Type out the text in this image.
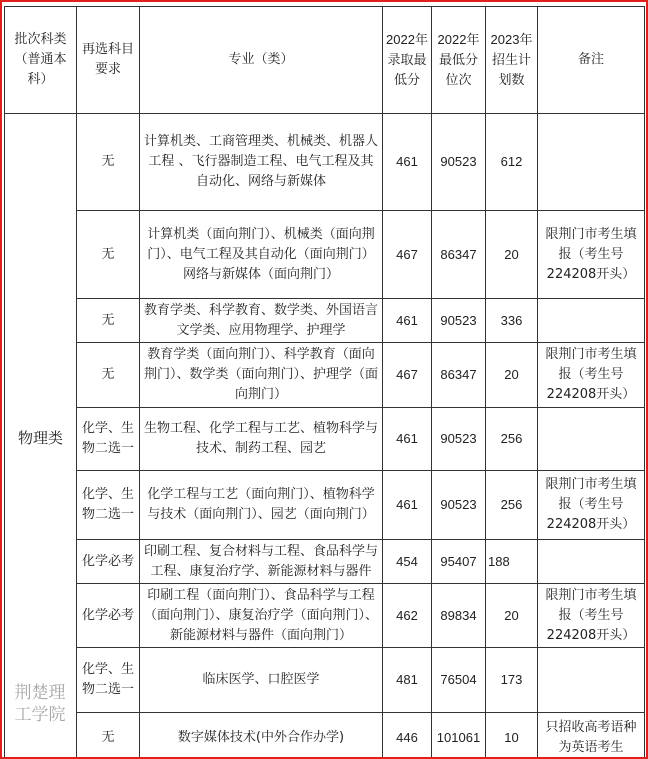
批次科类（普通本科）	再选科目要求	专业（类）	2022年录取最低分	2022年最低分位次	2023年招生计划数	备注
物理类	无	计算机类、工商管理类、机械类、机器人工程 、飞行器制造工程、电气工程及其自动化、网络与新媒体	461	90523	612	
	无	计算机类（面向荆门）、机械类（面向荆门）、电气工程及其自动化（面向荆门）网络与新媒体（面向荆门）	467	86347	20	限荆门市考生填报（考生号224208开头）
	无	教育学类、科学教育、数学类、外国语言文学类、应用物理学、护理学	461	90523	336	
	无	教育学类（面向荆门）、科学教育（面向荆门）、数学类（面向荆门）、护理学（面向荆门）	467	86347	20	限荆门市考生填报（考生号224208开头）
	化学、生物二选一	生物工程、化学工程与工艺、植物科学与技术、制药工程、园艺	461	90523	256	
	化学、生物二选一	化学工程与工艺（面向荆门）、植物科学与技术（面向荆门）、园艺（面向荆门）	461	90523	256	限荆门市考生填报（考生号224208开头）
	化学必考	印刷工程、复合材料与工程、食品科学与工程、康复治疗学、新能源材料与器件	454	95407	188	
	化学必考	印刷工程（面向荆门）、食品科学与工程（面向荆门）、康复治疗学（面向荆门）、新能源材料与器件（面向荆门）	462	89834	20	限荆门市考生填报（考生号224208开头）
	化学、生物二选一	临床医学、口腔医学	481	76504	173	
	无	数字媒体技术(中外合作办学)	446	101061	10	只招收高考语种为英语考生
荆楚理工学院
